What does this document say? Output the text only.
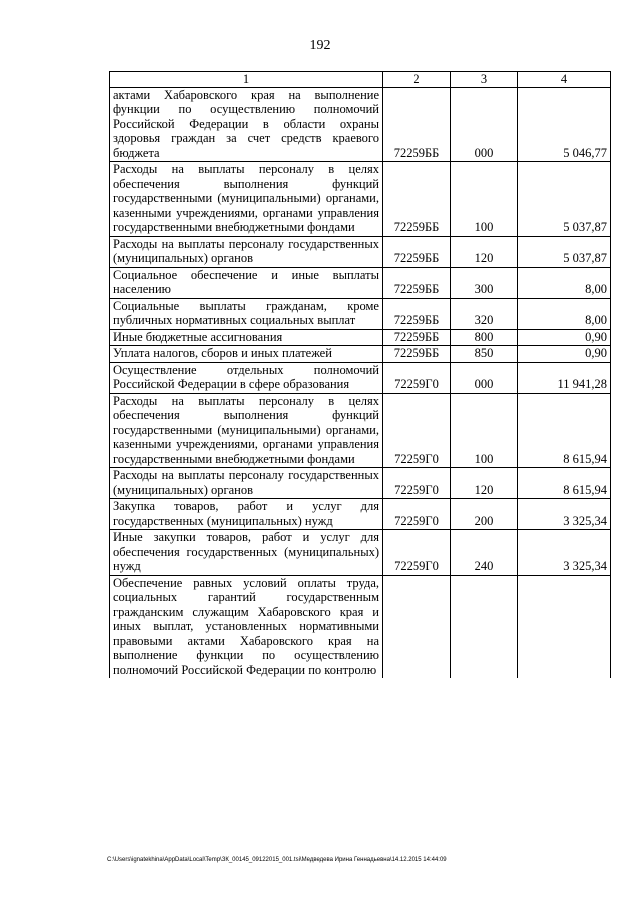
192
1	2	3	4
актами Хабаровского края на выполнение функции по осуществлению полномочий Российской Федерации в области охраны здоровья граждан за счет средств краевого бюджета	72259ББ	000	5 046,77
Расходы на выплаты персоналу в целях обеспечения выполнения функций государственными (муниципальными) органами, казенными учреждениями, органами управления государственными внебюджетными фондами	72259ББ	100	5 037,87
Расходы на выплаты персоналу государственных (муниципальных) органов	72259ББ	120	5 037,87
Социальное обеспечение и иные выплаты населению	72259ББ	300	8,00
Социальные выплаты гражданам, кроме публичных нормативных социальных выплат	72259ББ	320	8,00
Иные бюджетные ассигнования	72259ББ	800	0,90
Уплата налогов, сборов и иных платежей	72259ББ	850	0,90
Осуществление отдельных полномочий Российской Федерации в сфере образования	72259Г0	000	11 941,28
Расходы на выплаты персоналу в целях обеспечения выполнения функций государственными (муниципальными) органами, казенными учреждениями, органами управления государственными внебюджетными фондами	72259Г0	100	8 615,94
Расходы на выплаты персоналу государственных (муниципальных) органов	72259Г0	120	8 615,94
Закупка товаров, работ и услуг для государственных (муниципальных) нужд	72259Г0	200	3 325,34
Иные закупки товаров, работ и услуг для обеспечения государственных (муниципальных) нужд	72259Г0	240	3 325,34
Обеспечение равных условий оплаты труда, социальных гарантий государственным гражданским служащим Хабаровского края и иных выплат, установленных нормативными правовыми актами Хабаровского края на выполнение функции по осуществлению полномочий Российской Федерации по контролю			
C:\Users\ignatekhina\AppData\Local\Temp\ЗК_00145_09122015_001.tsi\Медведева Ирина Геннадьевна\14.12.2015 14:44:09
